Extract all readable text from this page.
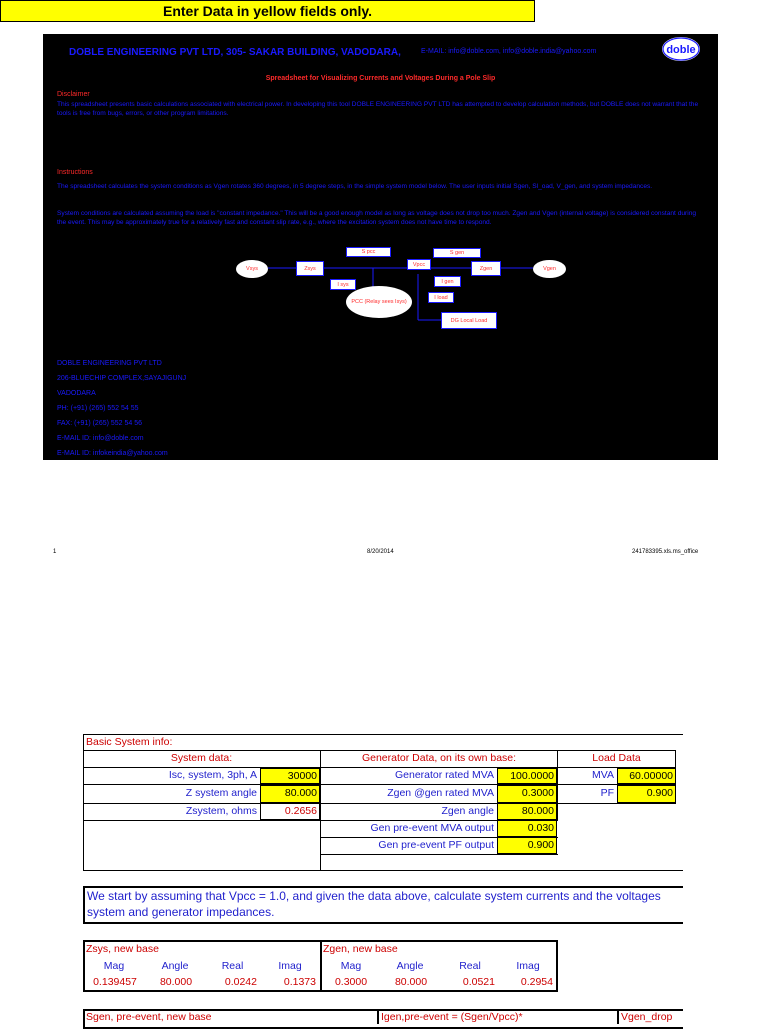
DOBLE ENGINEERING PVT LTD, 305- SAKAR BUILDING, VADODARA,	E-MAIL: info@doble.com, info@doble.india@yahoo.com	doble
Spreadsheet for Visualizing Currents and Voltages During a Pole Slip
Disclaimer
This spreadsheet presents basic calculations associated with electrical power. In developing this tool DOBLE ENGINEERING PVT LTD has attempted to develop calculation methods, but DOBLE does not warrant that the tools is free from bugs, errors, or other program limitations.
Instructions
The spreadsheet calculates the system conditions as Vgen rotates 360 degrees, in 5 degree steps, in the simple system model below. The user inputs initial Sgen, Sl_oad, V_gen, and system impedances.
System conditions are calculated assuming the load is "constant impedance." This will be a good enough model as long as voltage does not drop too much. Zgen and Vgen (internal voltage) is considered constant during the event. This may be approximately true for a relatively fast and constant slip rate, e.g., where the excitation system does not have time to respond.
Vsys	Zsys
S pcc	S gen
Vpcc
Zgen	Vgen
I sys	I gen
I load
PCC (Relay sees Isys)
DG Local Load
DOBLE ENGINEERING PVT LTD
206-BLUECHIP COMPLEX,SAYAJIGUNJ
VADODARA
PH: (+91) (265) 552 54 55
FAX: (+91) (265) 552 54 56
E-MAIL ID: info@doble.com
E-MAIL ID: infokeindia@yahoo.com
1	8/20/2014	241783395.xls.ms_office
Enter Data in yellow fields only.
Basic System info:
System data:	Generator Data, on its own base:	Load Data
Isc, system, 3ph, A	30000
Z system angle	80.000
Zsystem, ohms	0.2656
Generator rated MVA	100.0000
Zgen @gen rated MVA	0.3000
Zgen angle	80.000
Gen pre-event MVA output	0.030
Gen pre-event PF output	0.900
MVA	60.00000
PF	0.900
We start by assuming that Vpcc = 1.0, and given the data above, calculate system currents and the voltages
system and generator impedances.
Zsys, new base	Zgen, new base
Mag	Angle	Real	Imag	Mag	Angle	Real	Imag
0.139457	80.000	0.0242	0.1373	0.3000	80.000	0.0521	0.2954
Sgen, pre-event, new base	Igen,pre-event = (Sgen/Vpcc)*	Vgen_drop
